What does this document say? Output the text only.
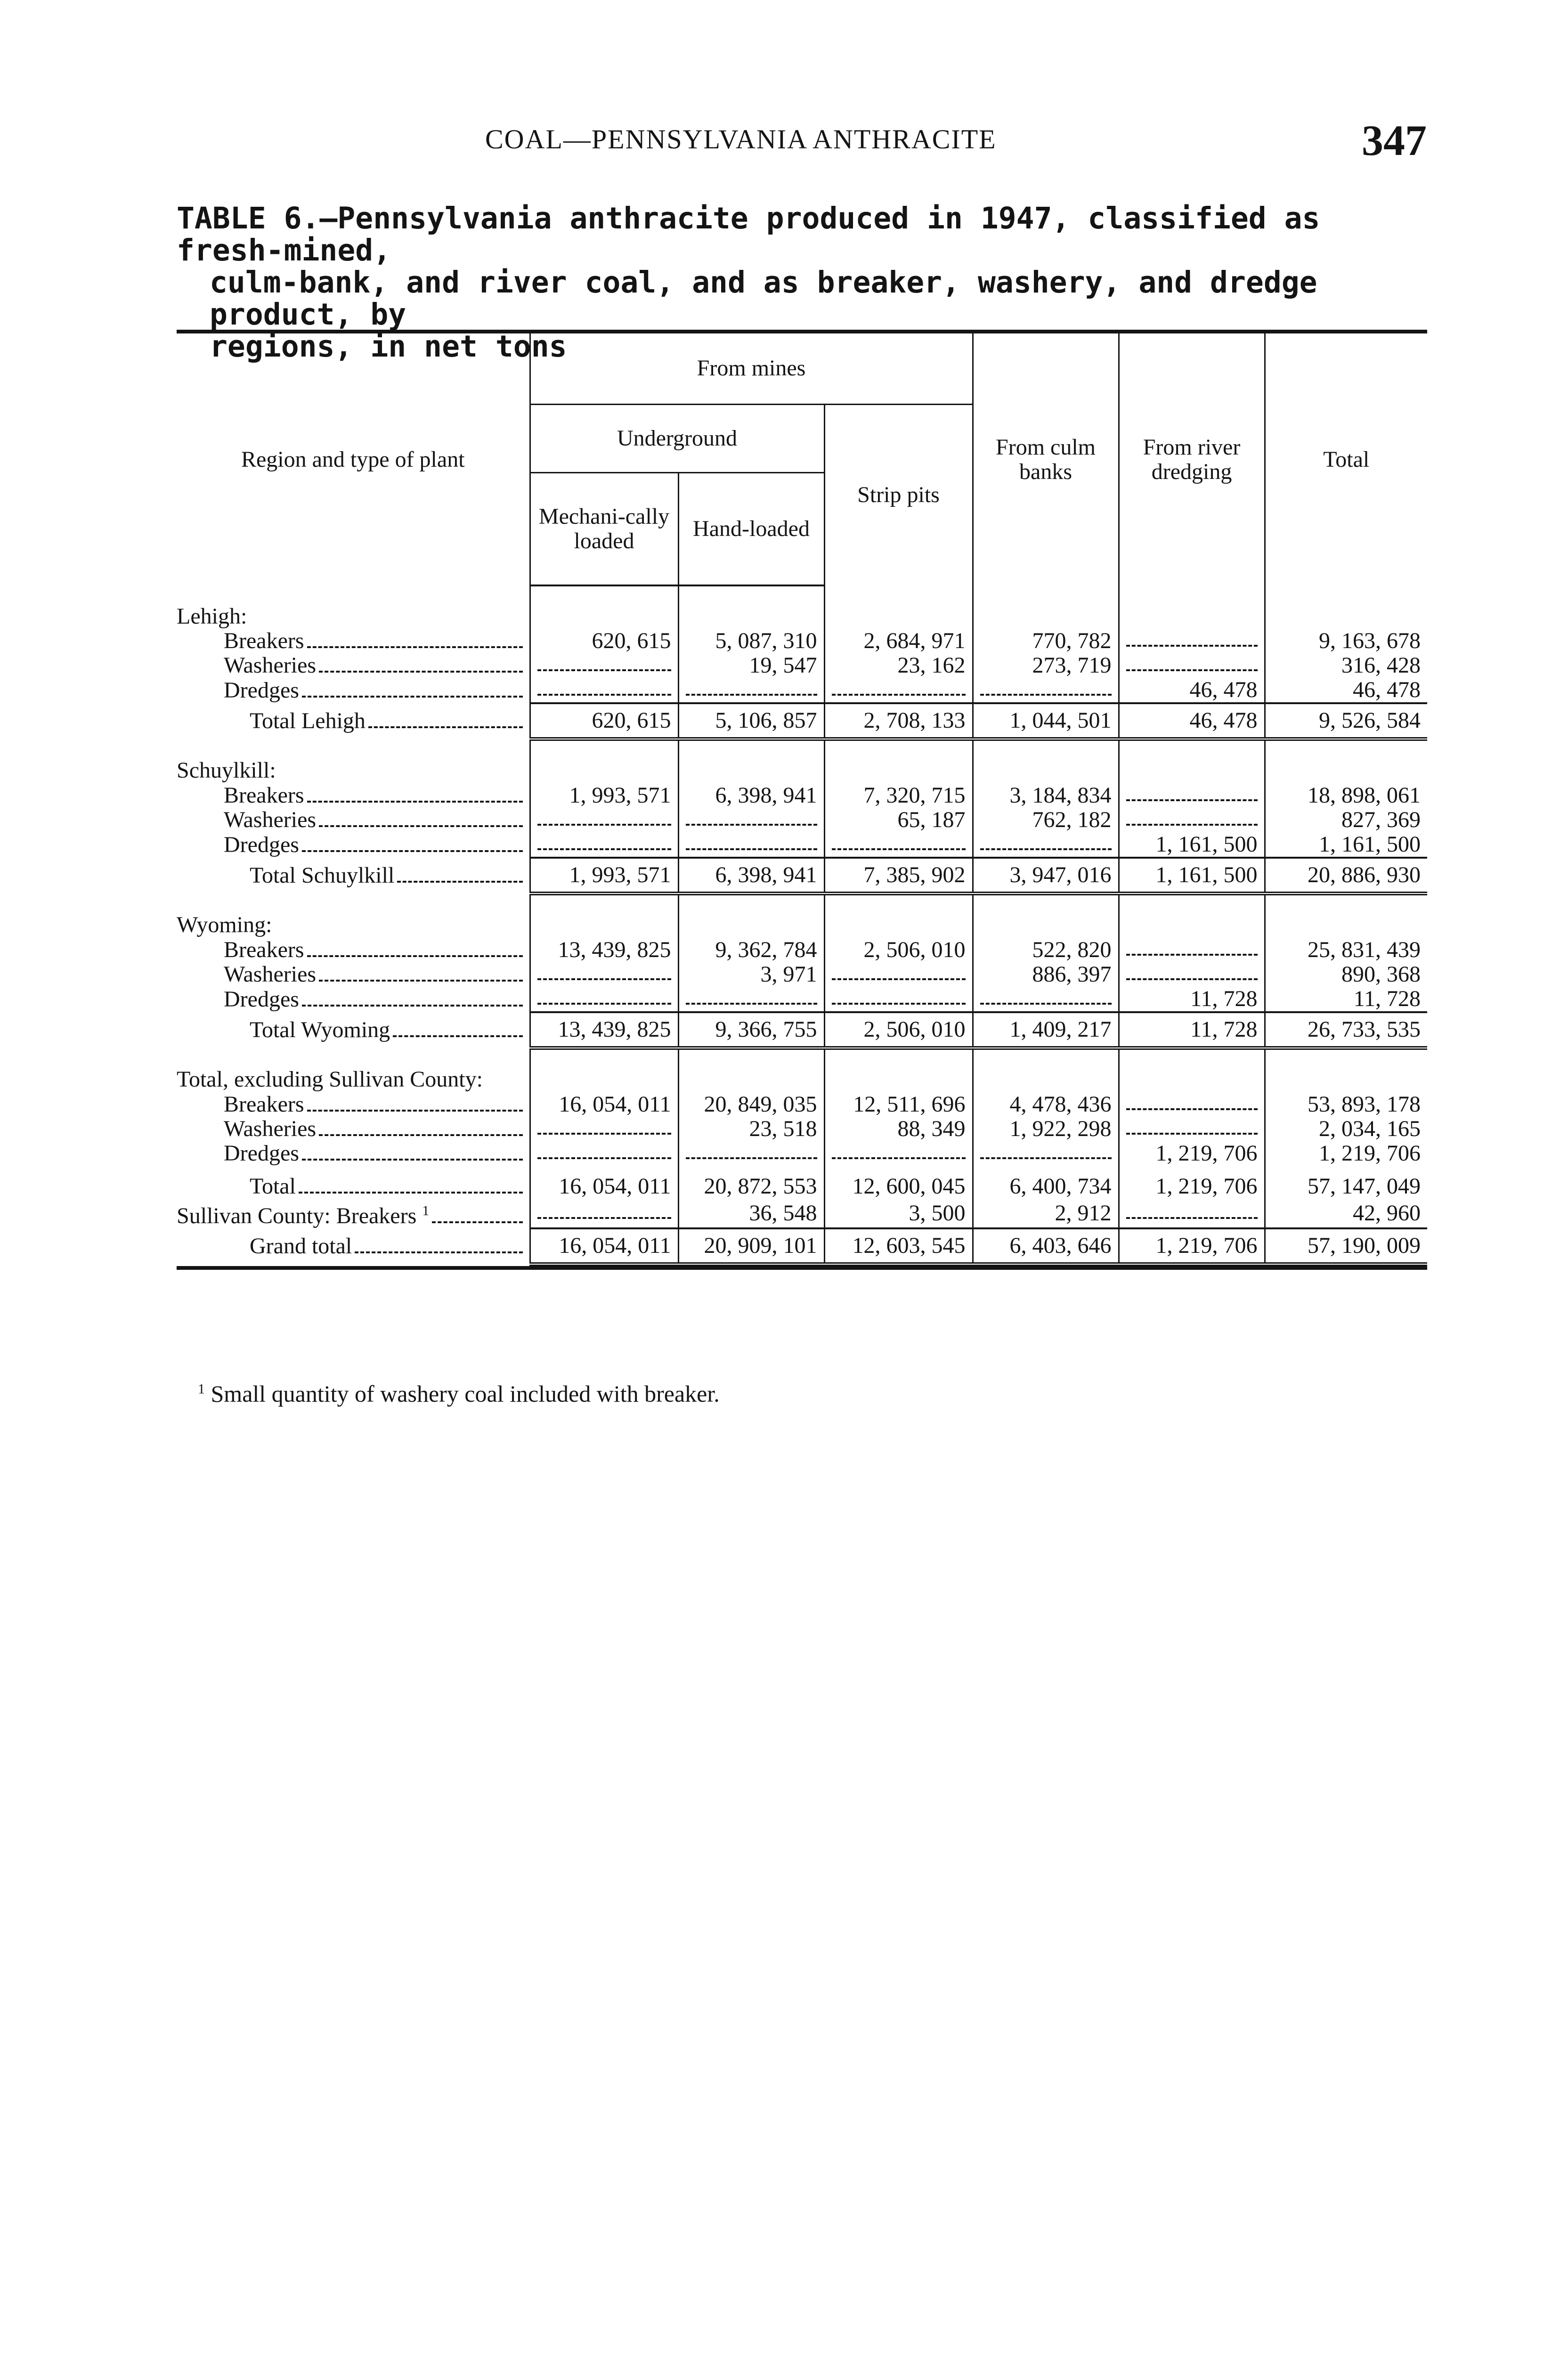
COAL—PENNSYLVANIA ANTHRACITE	347
TABLE 6.—Pennsylvania anthracite produced in 1947, classified as fresh-mined,
culm-bank, and river coal, and as breaker, washery, and dredge product, by
regions, in net tons
Region and type of plant	From mines			From culm banks	From river dredging	Total
	Underground		Strip pits			
	Mechani-cally loaded	Hand-loaded				
Lehigh:						

Breakers	620, 615	5, 087, 310	2, 684, 971	770, 782		9, 163, 678

Washeries		19, 547	23, 162	273, 719		316, 428

Dredges					46, 478	46, 478

Total Lehigh	620, 615	5, 106, 857	2, 708, 133	1, 044, 501	46, 478	9, 526, 584
Schuylkill:						

Breakers	1, 993, 571	6, 398, 941	7, 320, 715	3, 184, 834		18, 898, 061

Washeries			65, 187	762, 182		827, 369

Dredges					1, 161, 500	1, 161, 500

Total Schuylkill	1, 993, 571	6, 398, 941	7, 385, 902	3, 947, 016	1, 161, 500	20, 886, 930
Wyoming:						

Breakers	13, 439, 825	9, 362, 784	2, 506, 010	522, 820		25, 831, 439

Washeries		3, 971		886, 397		890, 368

Dredges					11, 728	11, 728

Total Wyoming	13, 439, 825	9, 366, 755	2, 506, 010	1, 409, 217	11, 728	26, 733, 535
Total, excluding Sullivan County:						

Breakers	16, 054, 011	20, 849, 035	12, 511, 696	4, 478, 436		53, 893, 178

Washeries		23, 518	88, 349	1, 922, 298		2, 034, 165

Dredges					1, 219, 706	1, 219, 706

Total	16, 054, 011	20, 872, 553	12, 600, 045	6, 400, 734	1, 219, 706	57, 147, 049

Sullivan County: Breakers $^1$		36, 548	3, 500	2, 912		42, 960

Grand total	16, 054, 011	20, 909, 101	12, 603, 545	6, 403, 646	1, 219, 706	57, 190, 009
$^1$ Small quantity of washery coal included with breaker.
